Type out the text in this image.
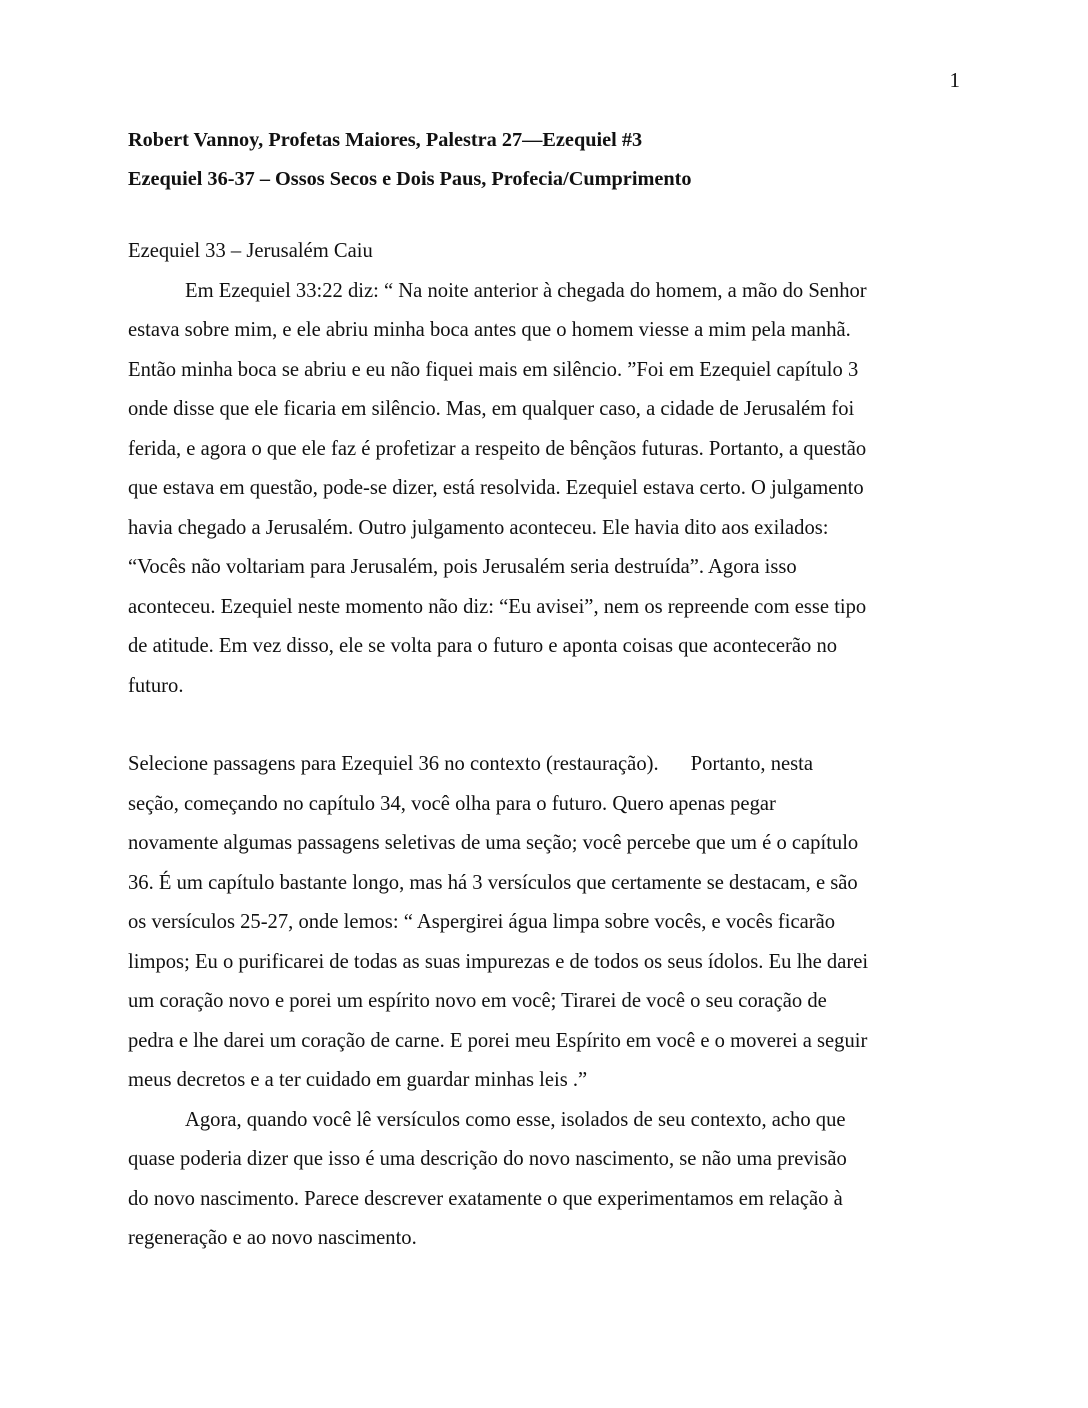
1
Robert Vannoy, Profetas Maiores, Palestra 27—Ezequiel #3
Ezequiel 36-37 – Ossos Secos e Dois Paus, Profecia/Cumprimento
Ezequiel 33 – Jerusalém Caiu
Em Ezequiel 33:22 diz: “ Na noite anterior à chegada do homem, a mão do Senhor
estava sobre mim, e ele abriu minha boca antes que o homem viesse a mim pela manhã.
Então minha boca se abriu e eu não fiquei mais em silêncio. ”Foi em Ezequiel capítulo 3
onde disse que ele ficaria em silêncio. Mas, em qualquer caso, a cidade de Jerusalém foi
ferida, e agora o que ele faz é profetizar a respeito de bênçãos futuras. Portanto, a questão
que estava em questão, pode-se dizer, está resolvida. Ezequiel estava certo. O julgamento
havia chegado a Jerusalém. Outro julgamento aconteceu. Ele havia dito aos exilados:
“Vocês não voltariam para Jerusalém, pois Jerusalém seria destruída”. Agora isso
aconteceu. Ezequiel neste momento não diz: “Eu avisei”, nem os repreende com esse tipo
de atitude. Em vez disso, ele se volta para o futuro e aponta coisas que acontecerão no
futuro.
Selecione passagens para Ezequiel 36 no contexto (restauração). Portanto, nesta
seção, começando no capítulo 34, você olha para o futuro. Quero apenas pegar
novamente algumas passagens seletivas de uma seção; você percebe que um é o capítulo
36. É um capítulo bastante longo, mas há 3 versículos que certamente se destacam, e são
os versículos 25-27, onde lemos: “ Aspergirei água limpa sobre vocês, e vocês ficarão
limpos; Eu o purificarei de todas as suas impurezas e de todos os seus ídolos. Eu lhe darei
um coração novo e porei um espírito novo em você; Tirarei de você o seu coração de
pedra e lhe darei um coração de carne. E porei meu Espírito em você e o moverei a seguir
meus decretos e a ter cuidado em guardar minhas leis .”
Agora, quando você lê versículos como esse, isolados de seu contexto, acho que
quase poderia dizer que isso é uma descrição do novo nascimento, se não uma previsão
do novo nascimento. Parece descrever exatamente o que experimentamos em relação à
regeneração e ao novo nascimento.
